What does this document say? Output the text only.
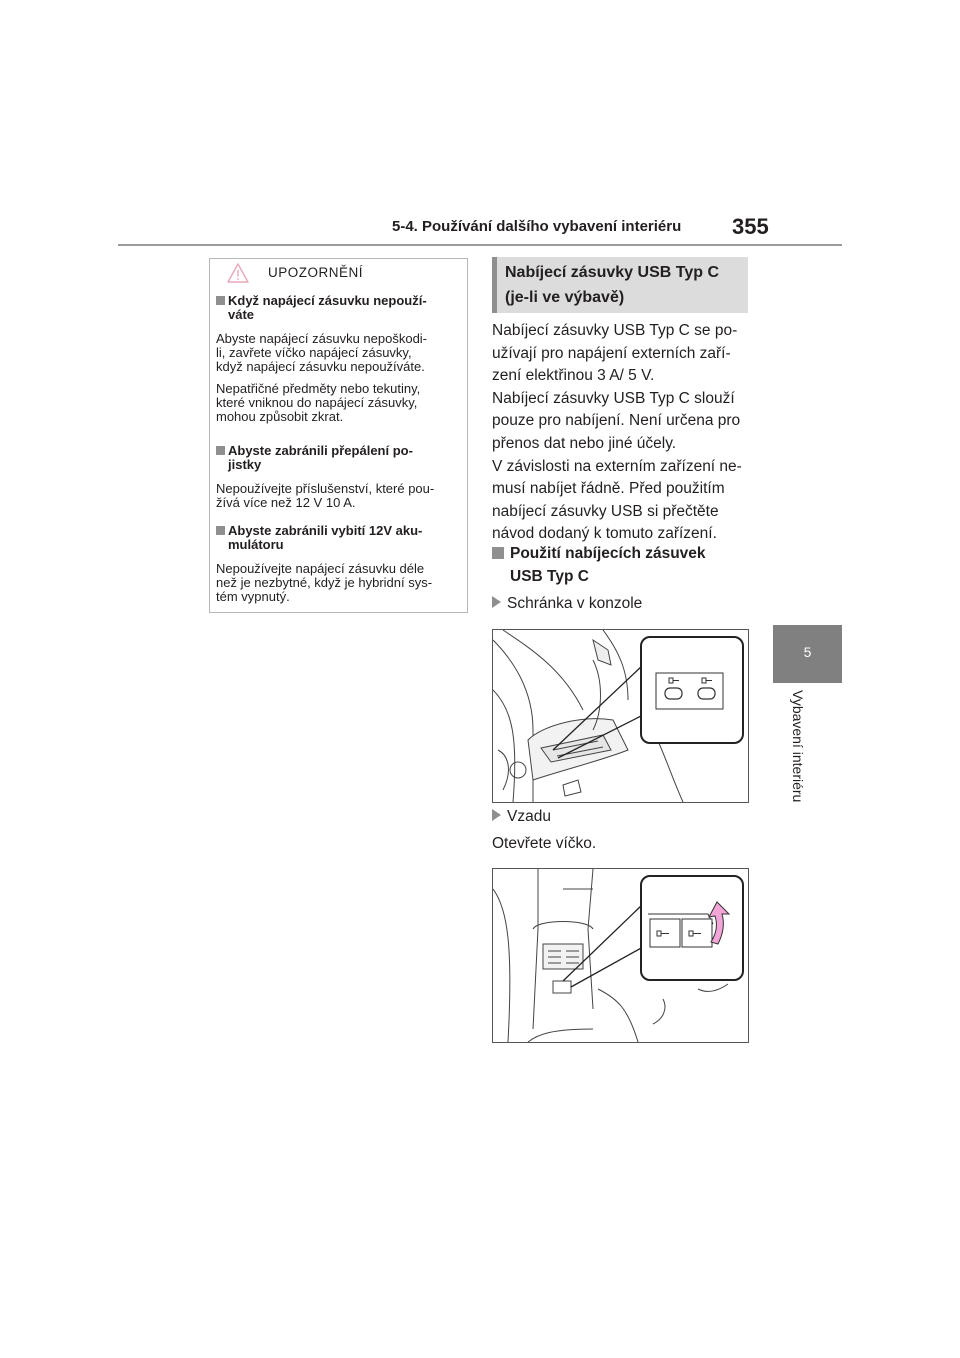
5-4. Používání dalšího vybavení interiéru 355
5
Vybavení interiéru
UPOZORNĚNÍ
Když napájecí zásuvku nepouží-
váte
Abyste napájecí zásuvku nepoškodi-
li, zavřete víčko napájecí zásuvky,
když napájecí zásuvku nepoužíváte.
Nepatřičné předměty nebo tekutiny,
které vniknou do napájecí zásuvky,
mohou způsobit zkrat.
Abyste zabránili přepálení po-
jistky
Nepoužívejte příslušenství, které pou-
žívá více než 12 V 10 A.
Abyste zabránili vybití 12V aku-
mulátoru
Nepoužívejte napájecí zásuvku déle
než je nezbytné, když je hybridní sys-
tém vypnutý.
Nabíjecí zásuvky USB Typ C
(je-li ve výbavě)
Nabíjecí zásuvky USB Typ C se po-
užívají pro napájení externích zaří-
zení elektřinou 3 A/ 5 V.
Nabíjecí zásuvky USB Typ C slouží
pouze pro nabíjení. Není určena pro
přenos dat nebo jiné účely.
V závislosti na externím zařízení ne-
musí nabíjet řádně. Před použitím
nabíjecí zásuvky USB si přečtěte
návod dodaný k tomuto zařízení.
Použití nabíjecích zásuvek
USB Typ C
Schránka v konzole
Vzadu
Otevřete víčko.
